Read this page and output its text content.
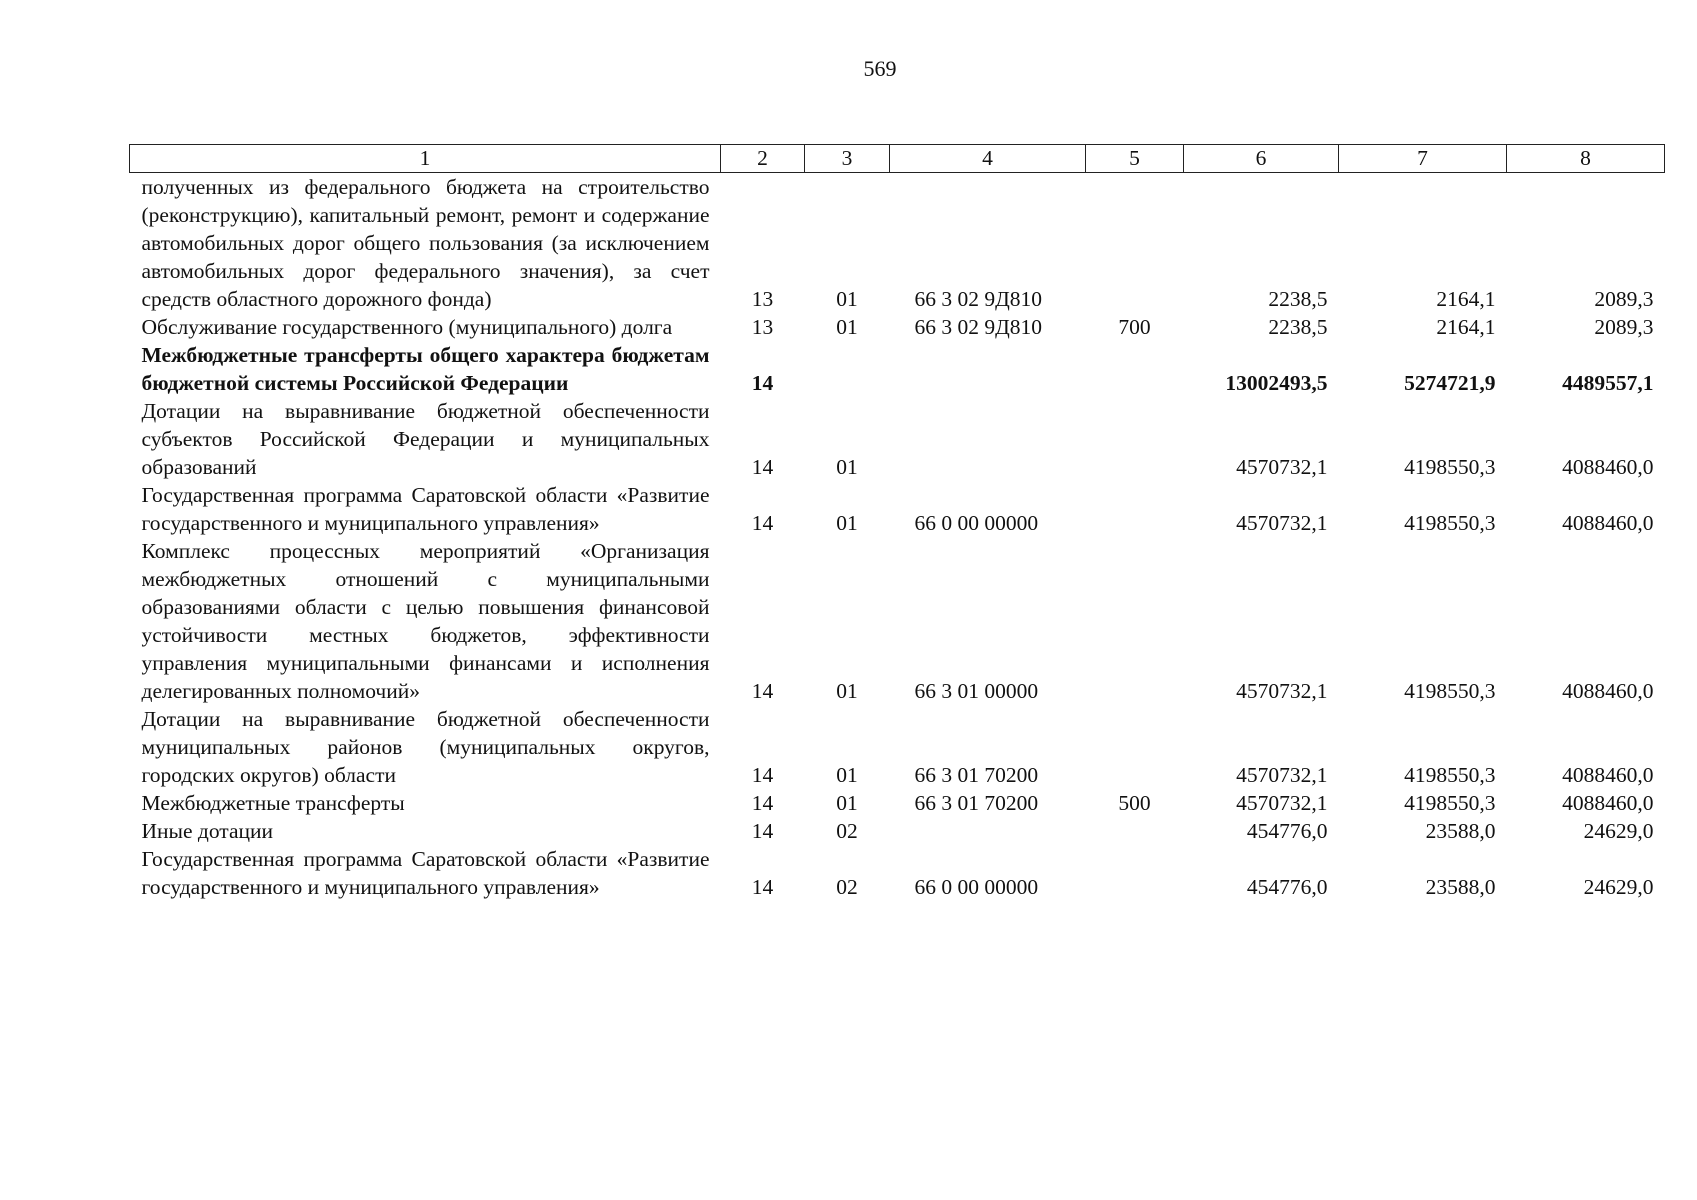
569
1	2	3	4	5	6	7	8
полученных из федерального бюджета на строительство (реконструкцию), капитальный ремонт, ремонт и содержание автомобильных дорог общего пользования (за исключением автомобильных дорог федерального значения), за счет средств областного дорожного фонда)	13	01	66 3 02 9Д810		2238,5	2164,1	2089,3
Обслуживание государственного (муниципального) долга	13	01	66 3 02 9Д810	700	2238,5	2164,1	2089,3
Межбюджетные трансферты общего характера бюджетам бюджетной системы Российской Федерации	14				13002493,5	5274721,9	4489557,1
Дотации на выравнивание бюджетной обеспеченности субъектов Российской Федерации и муниципальных образований	14	01			4570732,1	4198550,3	4088460,0
Государственная программа Саратовской области «Развитие государственного и муниципального управления»	14	01	66 0 00 00000		4570732,1	4198550,3	4088460,0
Комплекс процессных мероприятий «Организация межбюджетных отношений с муниципальными образованиями области с целью повышения финансовой устойчивости местных бюджетов, эффективности управления муниципальными финансами и исполнения делегированных полномочий»	14	01	66 3 01 00000		4570732,1	4198550,3	4088460,0
Дотации на выравнивание бюджетной обеспеченности муниципальных районов (муниципальных округов, городских округов) области	14	01	66 3 01 70200		4570732,1	4198550,3	4088460,0
Межбюджетные трансферты	14	01	66 3 01 70200	500	4570732,1	4198550,3	4088460,0
Иные дотации	14	02			454776,0	23588,0	24629,0
Государственная программа Саратовской области «Развитие государственного и муниципального управления»	14	02	66 0 00 00000		454776,0	23588,0	24629,0
